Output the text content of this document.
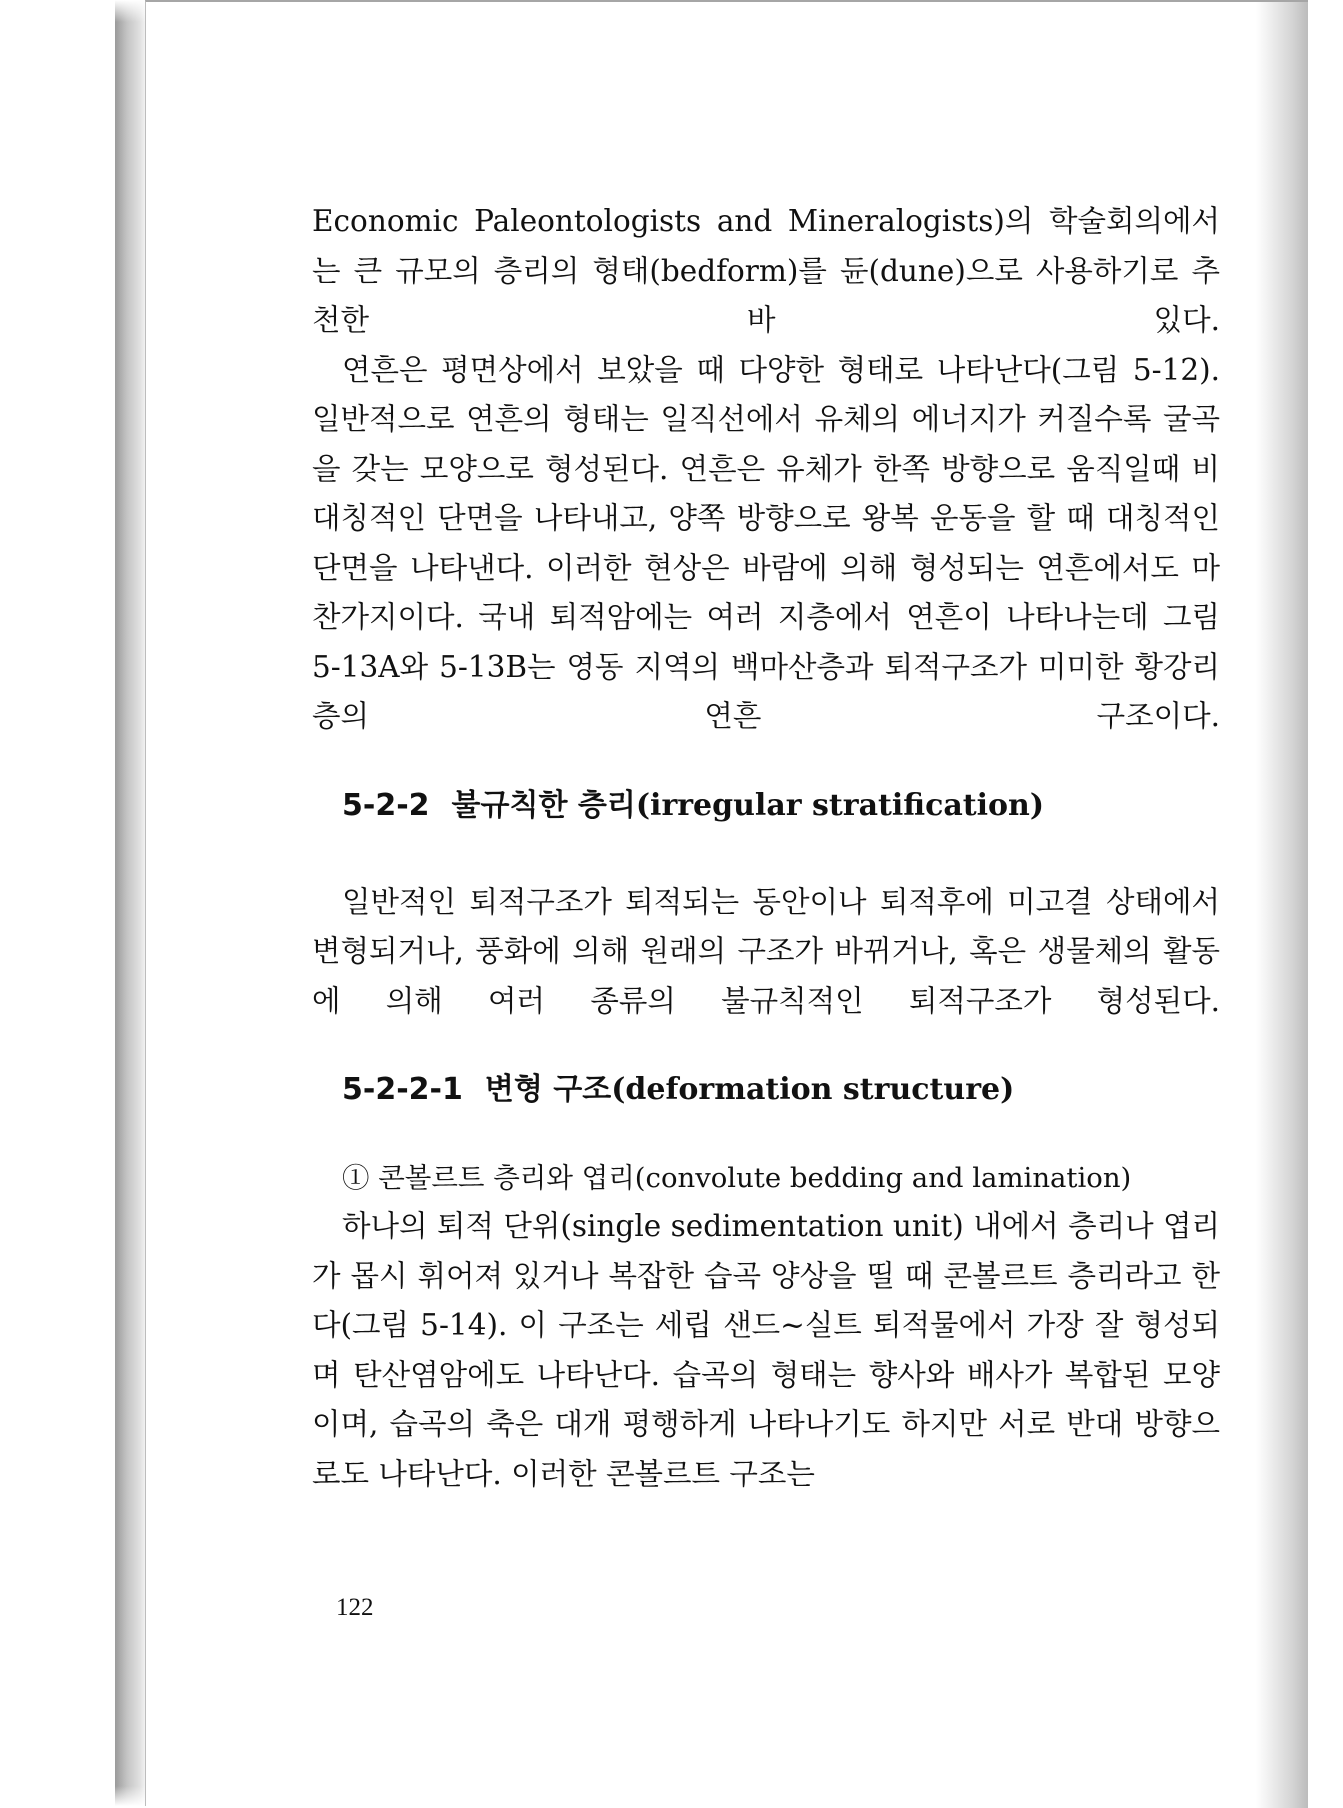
Economic Paleontologists and Mineralogists)의 학술회의에서는 큰 규모의 층리의 형태(bedform)를 듄(dune)으로 사용하기로 추천한 바 있다.

연흔은 평면상에서 보았을 때 다양한 형태로 나타난다(그림 5-12). 일반적으로 연흔의 형태는 일직선에서 유체의 에너지가 커질수록 굴곡을 갖는 모양으로 형성된다. 연흔은 유체가 한쪽 방향으로 움직일때 비대칭적인 단면을 나타내고, 양쪽 방향으로 왕복 운동을 할 때 대칭적인 단면을 나타낸다. 이러한 현상은 바람에 의해 형성되는 연흔에서도 마찬가지이다. 국내 퇴적암에는 여러 지층에서 연흔이 나타나는데 그림 5-13A와 5-13B는 영동 지역의 백마산층과 퇴적구조가 미미한 황강리층의 연흔 구조이다.

5-2-2 불규칙한 층리(irregular stratification)

일반적인 퇴적구조가 퇴적되는 동안이나 퇴적후에 미고결 상태에서 변형되거나, 풍화에 의해 원래의 구조가 바뀌거나, 혹은 생물체의 활동에 의해 여러 종류의 불규칙적인 퇴적구조가 형성된다.

5-2-2-1 변형 구조(deformation structure)

① 콘볼르트 층리와 엽리(convolute bedding and lamination)

하나의 퇴적 단위(single sedimentation unit) 내에서 층리나 엽리가 몹시 휘어져 있거나 복잡한 습곡 양상을 띨 때 콘볼르트 층리라고 한다(그림 5-14). 이 구조는 세립 샌드~실트 퇴적물에서 가장 잘 형성되며 탄산염암에도 나타난다. 습곡의 형태는 향사와 배사가 복합된 모양이며, 습곡의 축은 대개 평행하게 나타나기도 하지만 서로 반대 방향으로도 나타난다. 이러한 콘볼르트 구조는

122
